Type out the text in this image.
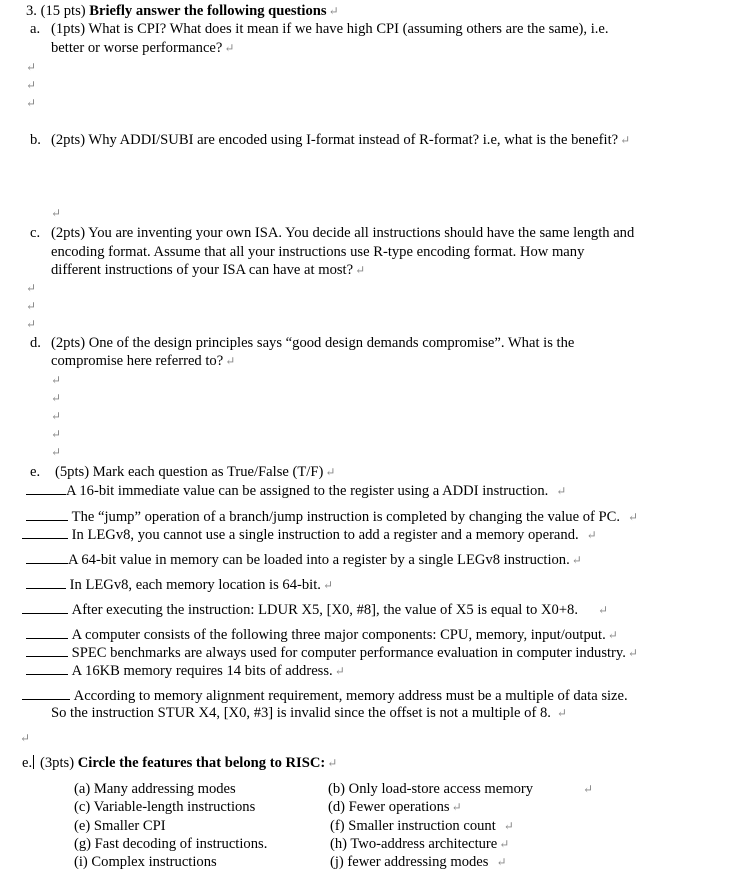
3. (15 pts) Briefly answer the following questions ↵
a. (1pts) What is CPI? What does it mean if we have high CPI (assuming others are the same), i.e.
better or worse performance? ↵
↵
↵
↵
b. (2pts) Why ADDI/SUBI are encoded using I-format instead of R-format? i.e, what is the benefit? ↵
↵
c. (2pts) You are inventing your own ISA. You decide all instructions should have the same length and
encoding format. Assume that all your instructions use R-type encoding format. How many
different instructions of your ISA can have at most? ↵
↵
↵
↵
d. (2pts) One of the design principles says “good design demands compromise”. What is the
compromise here referred to? ↵
↵
↵
↵
↵
↵
e. (5pts) Mark each question as True/False (T/F) ↵
A 16-bit immediate value can be assigned to the register using a ADDI instruction. ↵
The “jump” operation of a branch/jump instruction is completed by changing the value of PC. ↵
In LEGv8, you cannot use a single instruction to add a register and a memory operand. ↵
A 64-bit value in memory can be loaded into a register by a single LEGv8 instruction. ↵
In LEGv8, each memory location is 64-bit. ↵
After executing the instruction: LDUR X5, [X0, #8], the value of X5 is equal to X0+8. ↵
A computer consists of the following three major components: CPU, memory, input/output. ↵
SPEC benchmarks are always used for computer performance evaluation in computer industry. ↵
A 16KB memory requires 14 bits of address. ↵
According to memory alignment requirement, memory address must be a multiple of data size.
So the instruction STUR X4, [X0, #3] is invalid since the offset is not a multiple of 8. ↵
↵
e. (3pts) Circle the features that belong to RISC: ↵
(a) Many addressing modes	(b) Only load-store access memory	↵
(c) Variable-length instructions	(d) Fewer operations ↵
(e) Smaller CPI	(f) Smaller instruction count ↵
(g) Fast decoding of instructions.	(h) Two-address architecture ↵
(i) Complex instructions	(j) fewer addressing modes ↵
